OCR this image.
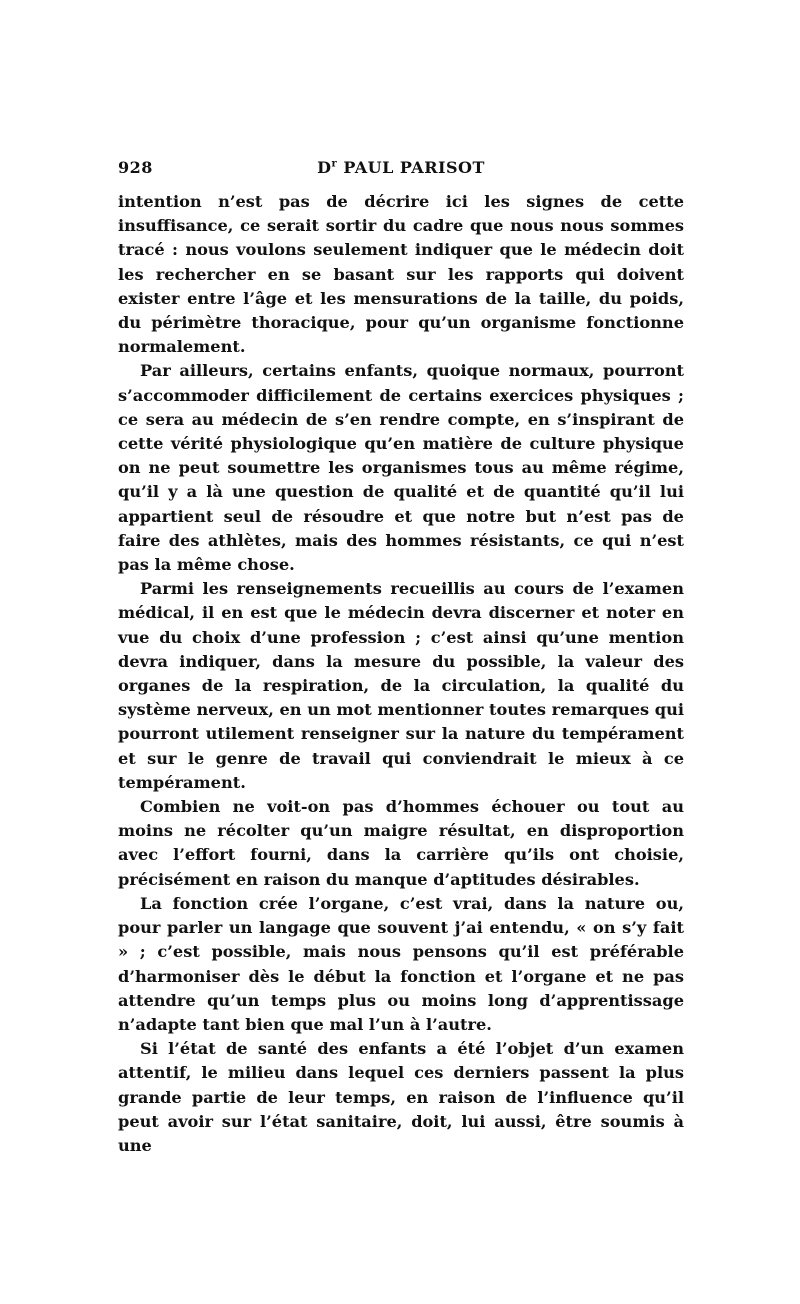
928	$D^r$ PAUL PARISOT

intention n’est pas de décrire ici les signes de cette insuffisance, ce serait sortir du cadre que nous nous sommes tracé : nous voulons seulement indiquer que le médecin doit les rechercher en se basant sur les rapports qui doivent exister entre l’âge et les mensurations de la taille, du poids, du périmètre thoracique, pour qu’un organisme fonctionne normalement.

Par ailleurs, certains enfants, quoique normaux, pourront s’accommoder difficilement de certains exercices physiques ; ce sera au médecin de s’en rendre compte, en s’inspirant de cette vérité physiologique qu’en matière de culture physique on ne peut soumettre les organismes tous au même régime, qu’il y a là une question de qualité et de quantité qu’il lui appartient seul de résoudre et que notre but n’est pas de faire des athlètes, mais des hommes résistants, ce qui n’est pas la même chose.

Parmi les renseignements recueillis au cours de l’examen médical, il en est que le médecin devra discerner et noter en vue du choix d’une profession ; c’est ainsi qu’une mention devra indiquer, dans la mesure du possible, la valeur des organes de la respiration, de la circulation, la qualité du système nerveux, en un mot mentionner toutes remarques qui pourront utilement renseigner sur la nature du tempérament et sur le genre de travail qui conviendrait le mieux à ce tempérament.

Combien ne voit-on pas d’hommes échouer ou tout au moins ne récolter qu’un maigre résultat, en disproportion avec l’effort fourni, dans la carrière qu’ils ont choisie, précisément en raison du manque d’aptitudes désirables.

La fonction crée l’organe, c’est vrai, dans la nature ou, pour parler un langage que souvent j’ai entendu, « on s’y fait » ; c’est possible, mais nous pensons qu’il est préférable d’harmoniser dès le début la fonction et l’organe et ne pas attendre qu’un temps plus ou moins long d’apprentissage n’adapte tant bien que mal l’un à l’autre.

Si l’état de santé des enfants a été l’objet d’un examen attentif, le milieu dans lequel ces derniers passent la plus grande partie de leur temps, en raison de l’influence qu’il peut avoir sur l’état sanitaire, doit, lui aussi, être soumis à une
